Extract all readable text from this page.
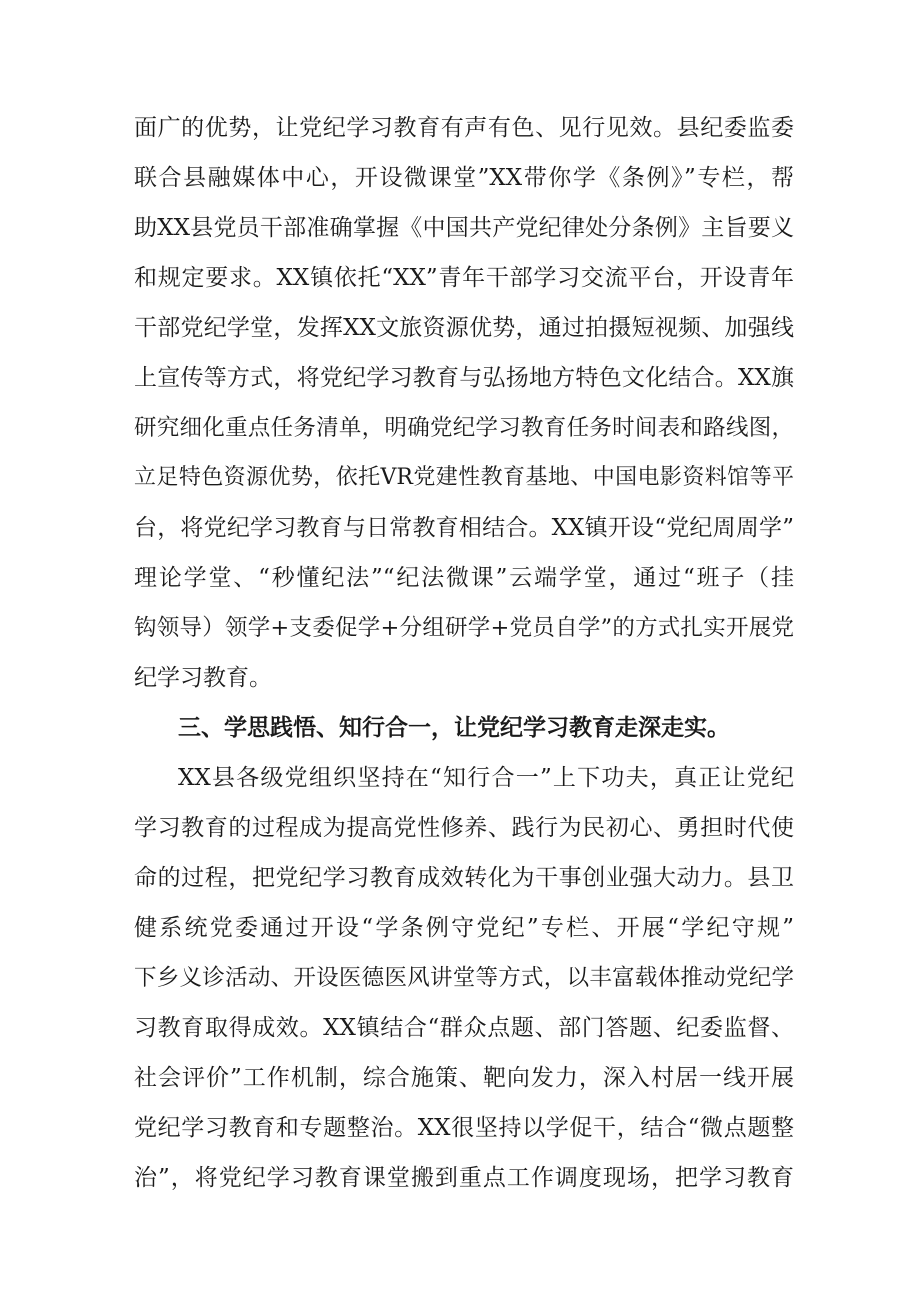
面广的优势，让党纪学习教育有声有色、见行见效。县纪委监委
联合县融媒体中心，开设微课堂”XX带你学《条例》”专栏，帮
助XX县党员干部准确掌握《中国共产党纪律处分条例》主旨要义
和规定要求。XX镇依托“XX”青年干部学习交流平台，开设青年
干部党纪学堂，发挥XX文旅资源优势，通过拍摄短视频、加强线
上宣传等方式，将党纪学习教育与弘扬地方特色文化结合。XX旗
研究细化重点任务清单，明确党纪学习教育任务时间表和路线图，
立足特色资源优势，依托VR党建性教育基地、中国电影资料馆等平
台，将党纪学习教育与日常教育相结合。XX镇开设“党纪周周学”
理论学堂、“秒懂纪法”“纪法微课”云端学堂，通过“班子（挂
钩领导）领学+支委促学+分组研学+党员自学”的方式扎实开展党
纪学习教育。
三、学思践悟、知行合一，让党纪学习教育走深走实。
XX县各级党组织坚持在“知行合一”上下功夫，真正让党纪
学习教育的过程成为提高党性修养、践行为民初心、勇担时代使
命的过程，把党纪学习教育成效转化为干事创业强大动力。县卫
健系统党委通过开设“学条例守党纪”专栏、开展“学纪守规”
下乡义诊活动、开设医德医风讲堂等方式，以丰富载体推动党纪学
习教育取得成效。XX镇结合“群众点题、部门答题、纪委监督、
社会评价”工作机制，综合施策、靶向发力，深入村居一线开展
党纪学习教育和专题整治。XX很坚持以学促干，结合“微点题整
治”，将党纪学习教育课堂搬到重点工作调度现场，把学习教育
